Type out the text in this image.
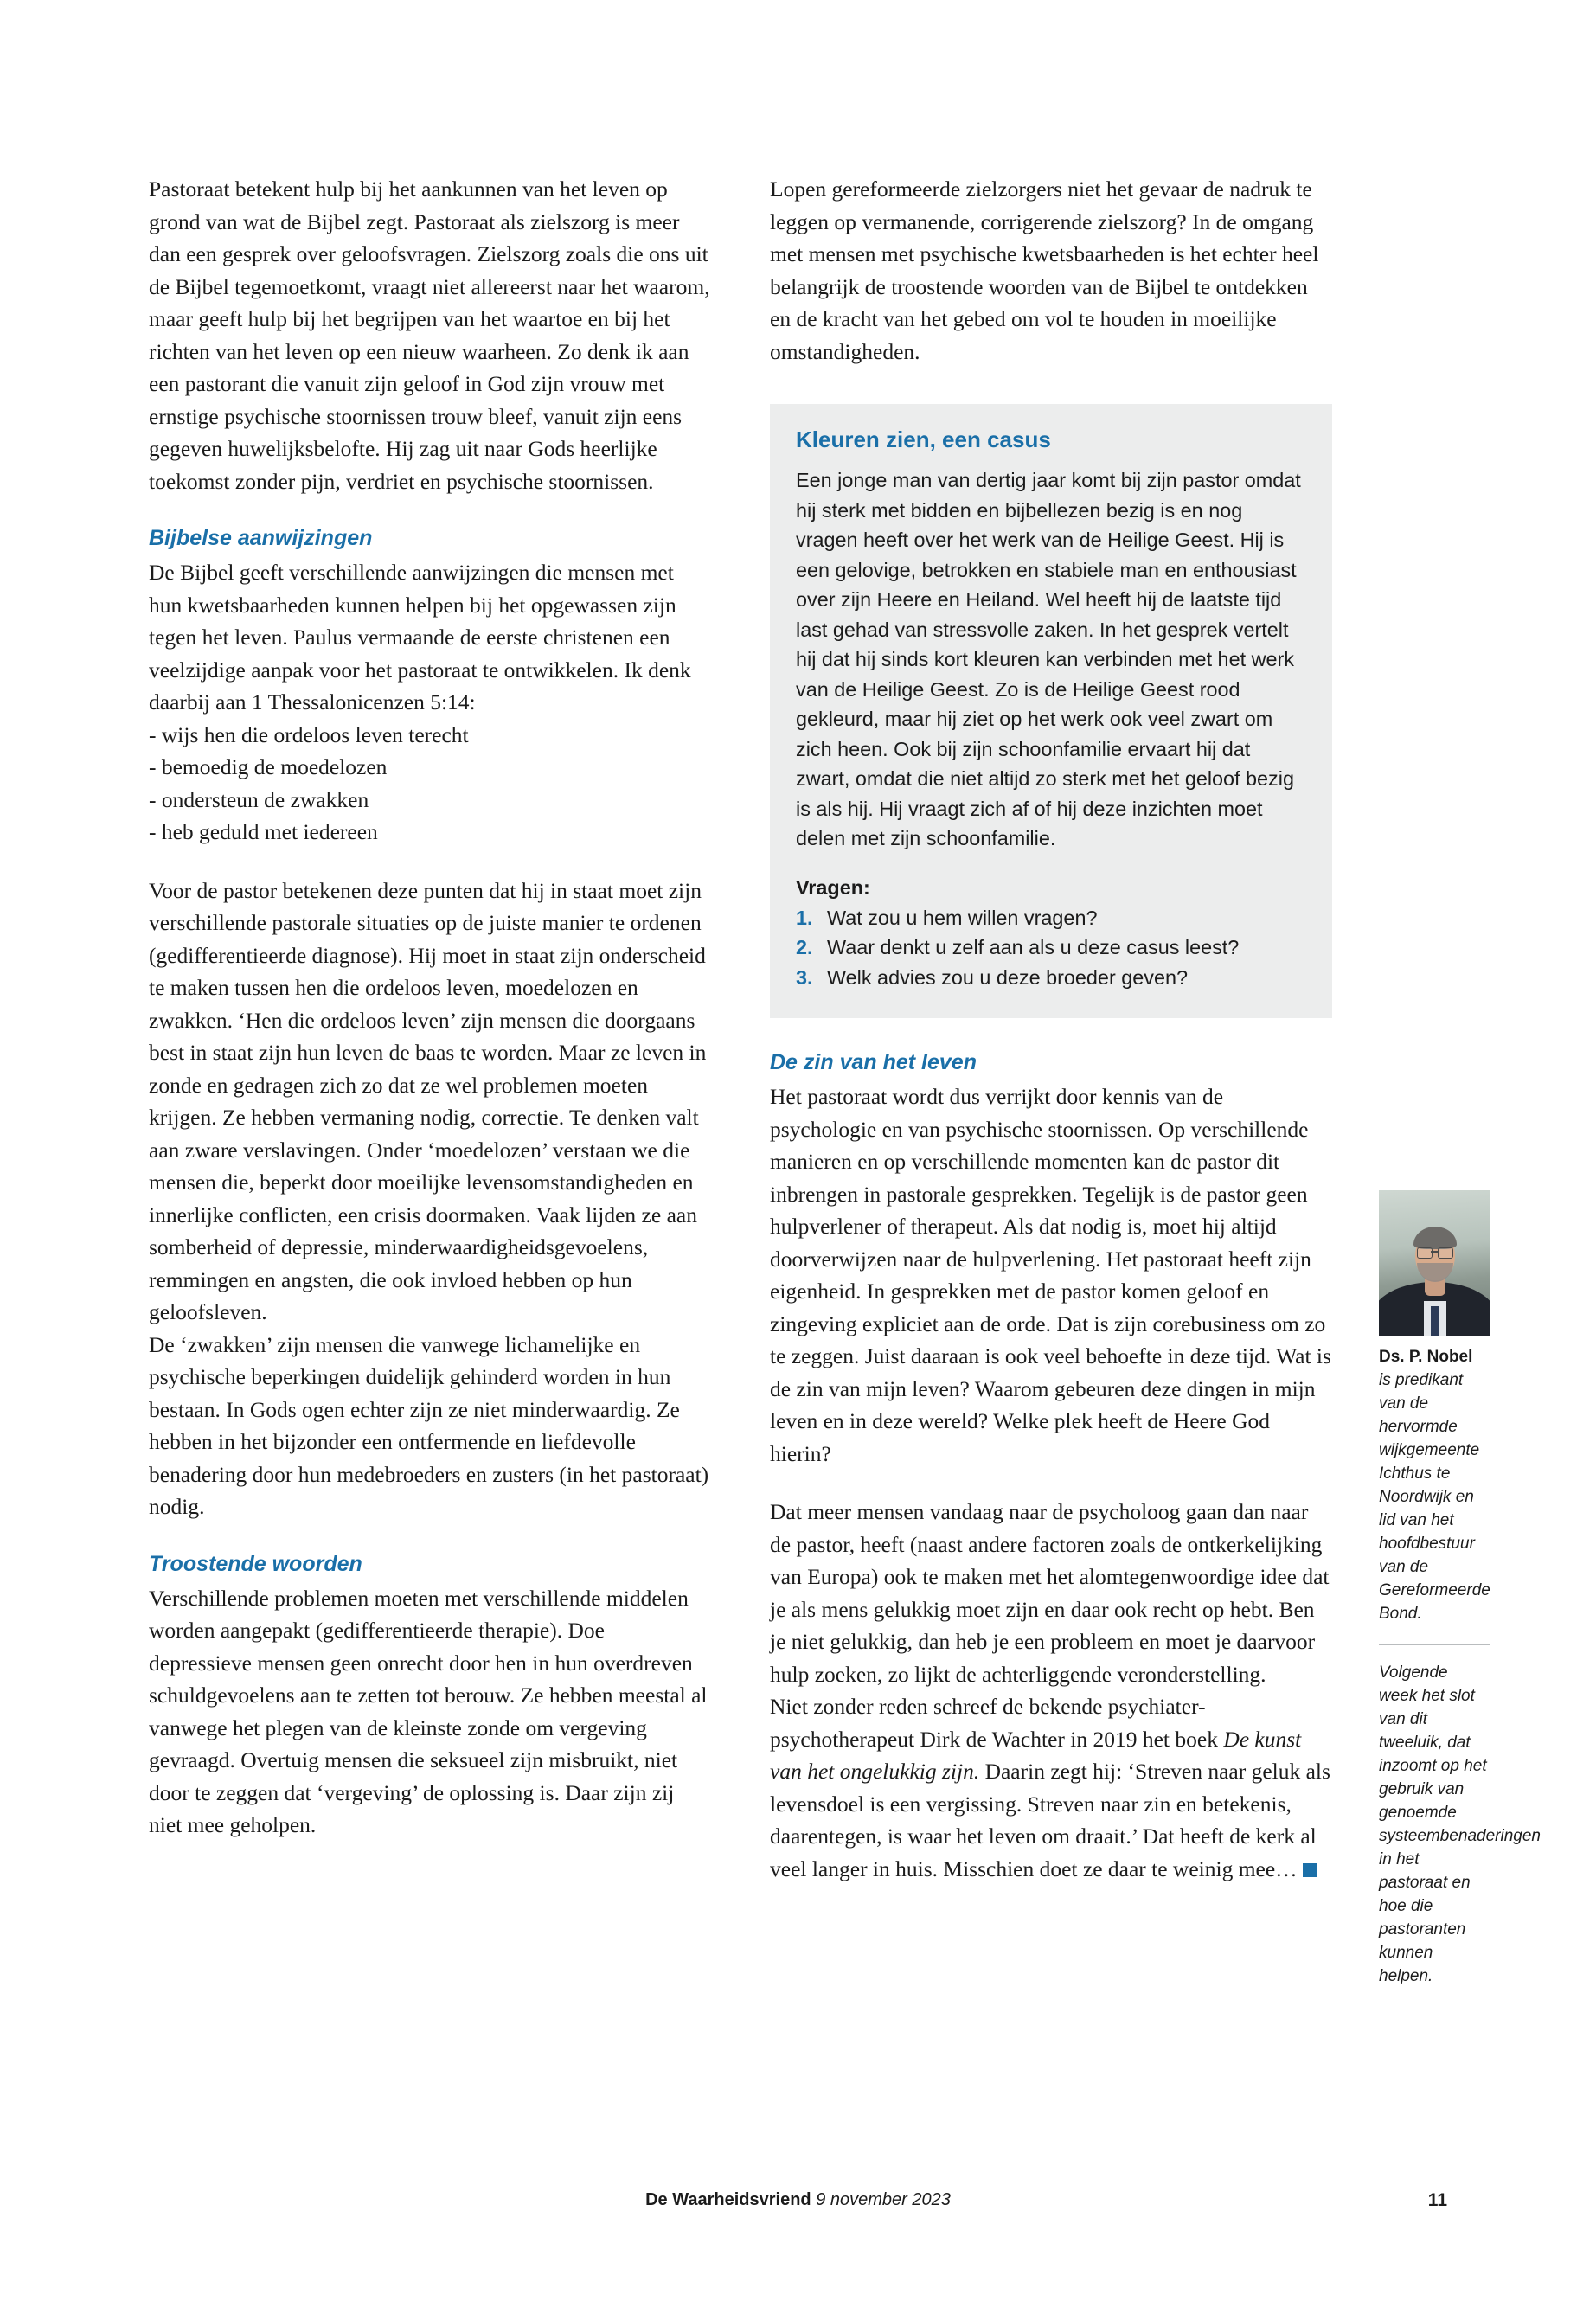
Pastoraat betekent hulp bij het aankunnen van het leven op grond van wat de Bijbel zegt. Pastoraat als zielszorg is meer dan een gesprek over geloofsvragen. Zielszorg zoals die ons uit de Bijbel tegemoetkomt, vraagt niet allereerst naar het waarom, maar geeft hulp bij het begrijpen van het waartoe en bij het richten van het leven op een nieuw waarheen. Zo denk ik aan een pastorant die vanuit zijn geloof in God zijn vrouw met ernstige psychische stoornissen trouw bleef, vanuit zijn eens gegeven huwelijksbelofte. Hij zag uit naar Gods heerlijke toekomst zonder pijn, verdriet en psychische stoornissen.

Bijbelse aanwijzingen

De Bijbel geeft verschillende aanwijzingen die mensen met hun kwetsbaarheden kunnen helpen bij het opgewassen zijn tegen het leven. Paulus vermaande de eerste christenen een veelzijdige aanpak voor het pastoraat te ontwikkelen. Ik denk daarbij aan 1 Thessalonicenzen 5:14:

- wijs hen die ordeloos leven terecht
- bemoedig de moedelozen
- ondersteun de zwakken
- heb geduld met iedereen

Voor de pastor betekenen deze punten dat hij in staat moet zijn verschillende pastorale situaties op de juiste manier te ordenen (gedifferentieerde diagnose). Hij moet in staat zijn onderscheid te maken tussen hen die ordeloos leven, moedelozen en zwakken. ‘Hen die ordeloos leven’ zijn mensen die doorgaans best in staat zijn hun leven de baas te worden. Maar ze leven in zonde en gedragen zich zo dat ze wel problemen moeten krijgen. Ze hebben vermaning nodig, correctie. Te denken valt aan zware verslavingen. Onder ‘moedelozen’ verstaan we die mensen die, beperkt door moeilijke levensomstandigheden en innerlijke conflicten, een crisis doormaken. Vaak lijden ze aan somberheid of depressie, minderwaardigheidsgevoelens, remmingen en angsten, die ook invloed hebben op hun geloofsleven.

De ‘zwakken’ zijn mensen die vanwege lichamelijke en psychische beperkingen duidelijk gehinderd worden in hun bestaan. In Gods ogen echter zijn ze niet minderwaardig. Ze hebben in het bijzonder een ontfermende en liefdevolle benadering door hun medebroeders en zusters (in het pastoraat) nodig.

Troostende woorden

Verschillende problemen moeten met verschillende middelen worden aangepakt (gedifferentieerde therapie). Doe depressieve mensen geen onrecht door hen in hun overdreven schuldgevoelens aan te zetten tot berouw. Ze hebben meestal al vanwege het plegen van de kleinste zonde om vergeving gevraagd. Overtuig mensen die seksueel zijn misbruikt, niet door te zeggen dat ‘vergeving’ de oplossing is. Daar zijn zij niet mee geholpen.

Lopen gereformeerde zielzorgers niet het gevaar de nadruk te leggen op vermanende, corrigerende zielszorg? In de omgang met mensen met psychische kwetsbaarheden is het echter heel belangrijk de troostende woorden van de Bijbel te ontdekken en de kracht van het gebed om vol te houden in moeilijke omstandigheden.

Kleuren zien, een casus

Een jonge man van dertig jaar komt bij zijn pastor omdat hij sterk met bidden en bijbellezen bezig is en nog vragen heeft over het werk van de Heilige Geest. Hij is een gelovige, betrokken en stabiele man en enthousiast over zijn Heere en Heiland. Wel heeft hij de laatste tijd last gehad van stressvolle zaken. In het gesprek vertelt hij dat hij sinds kort kleuren kan verbinden met het werk van de Heilige Geest. Zo is de Heilige Geest rood gekleurd, maar hij ziet op het werk ook veel zwart om zich heen. Ook bij zijn schoonfamilie ervaart hij dat zwart, omdat die niet altijd zo sterk met het geloof bezig is als hij. Hij vraagt zich af of hij deze inzichten moet delen met zijn schoonfamilie.

Vragen:
1. Wat zou u hem willen vragen?
2. Waar denkt u zelf aan als u deze casus leest?
3. Welk advies zou u deze broeder geven?
De zin van het leven

Het pastoraat wordt dus verrijkt door kennis van de psychologie en van psychische stoornissen. Op verschillende manieren en op verschillende momenten kan de pastor dit inbrengen in pastorale gesprekken. Tegelijk is de pastor geen hulpverlener of therapeut. Als dat nodig is, moet hij altijd doorverwijzen naar de hulpverlening. Het pastoraat heeft zijn eigenheid. In gesprekken met de pastor komen geloof en zingeving expliciet aan de orde. Dat is zijn corebusiness om zo te zeggen. Juist daaraan is ook veel behoefte in deze tijd. Wat is de zin van mijn leven? Waarom gebeuren deze dingen in mijn leven en in deze wereld? Welke plek heeft de Heere God hierin?

Dat meer mensen vandaag naar de psycholoog gaan dan naar de pastor, heeft (naast andere factoren zoals de ontkerkelijking van Europa) ook te maken met het alomtegenwoordige idee dat je als mens gelukkig moet zijn en daar ook recht op hebt. Ben je niet gelukkig, dan heb je een probleem en moet je daarvoor hulp zoeken, zo lijkt de achterliggende veronderstelling.

Niet zonder reden schreef de bekende psychiater-psychotherapeut Dirk de Wachter in 2019 het boek De kunst van het ongelukkig zijn. Daarin zegt hij: ‘Streven naar geluk als levensdoel is een vergissing. Streven naar zin en betekenis, daarentegen, is waar het leven om draait.’ Dat heeft de kerk al veel langer in huis. Misschien doet ze daar te weinig mee…

Ds. P. Nobel
is predikant van de hervormde wijkgemeente Ichthus te Noordwijk en lid van het hoofdbestuur van de Gereformeerde Bond.
Volgende week het slot van dit tweeluik, dat inzoomt op het gebruik van genoemde systeembenaderingen in het pastoraat en hoe die pastoranten kunnen helpen.
De Waarheidsvriend 9 november 2023	11
